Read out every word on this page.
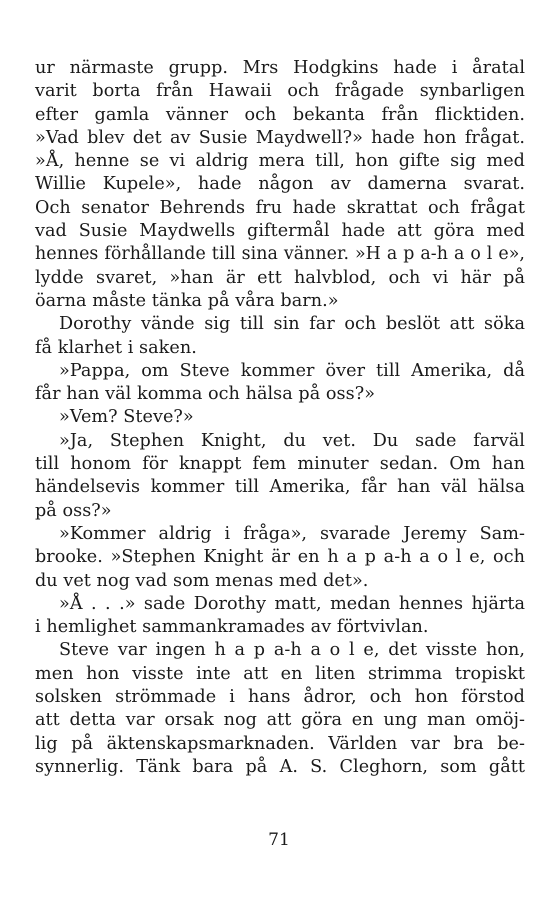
ur närmaste grupp. Mrs Hodgkins hade i åratal
varit borta från Hawaii och frågade synbarligen
efter gamla vänner och bekanta från flicktiden.
»Vad blev det av Susie Maydwell?» hade hon frågat.
»Å, henne se vi aldrig mera till, hon gifte sig med
Willie Kupele», hade någon av damerna svarat.
Och senator Behrends fru hade skrattat och frågat
vad Susie Maydwells giftermål hade att göra med
hennes förhållande till sina vänner. »H a p a-h a o l e»,
lydde svaret, »han är ett halvblod, och vi här på
öarna måste tänka på våra barn.»
Dorothy vände sig till sin far och beslöt att söka
få klarhet i saken.
»Pappa, om Steve kommer över till Amerika, då
får han väl komma och hälsa på oss?»
»Vem? Steve?»
»Ja, Stephen Knight, du vet. Du sade farväl
till honom för knappt fem minuter sedan. Om han
händelsevis kommer till Amerika, får han väl hälsa
på oss?»
»Kommer aldrig i fråga», svarade Jeremy Sam-
brooke. »Stephen Knight är en h a p a-h a o l e, och
du vet nog vad som menas med det».
»Å . . .» sade Dorothy matt, medan hennes hjärta
i hemlighet sammankramades av förtvivlan.
Steve var ingen h a p a-h a o l e, det visste hon,
men hon visste inte att en liten strimma tropiskt
solsken strömmade i hans ådror, och hon förstod
att detta var orsak nog att göra en ung man omöj-
lig på äktenskapsmarknaden. Världen var bra be-
synnerlig. Tänk bara på A. S. Cleghorn, som gått
71
